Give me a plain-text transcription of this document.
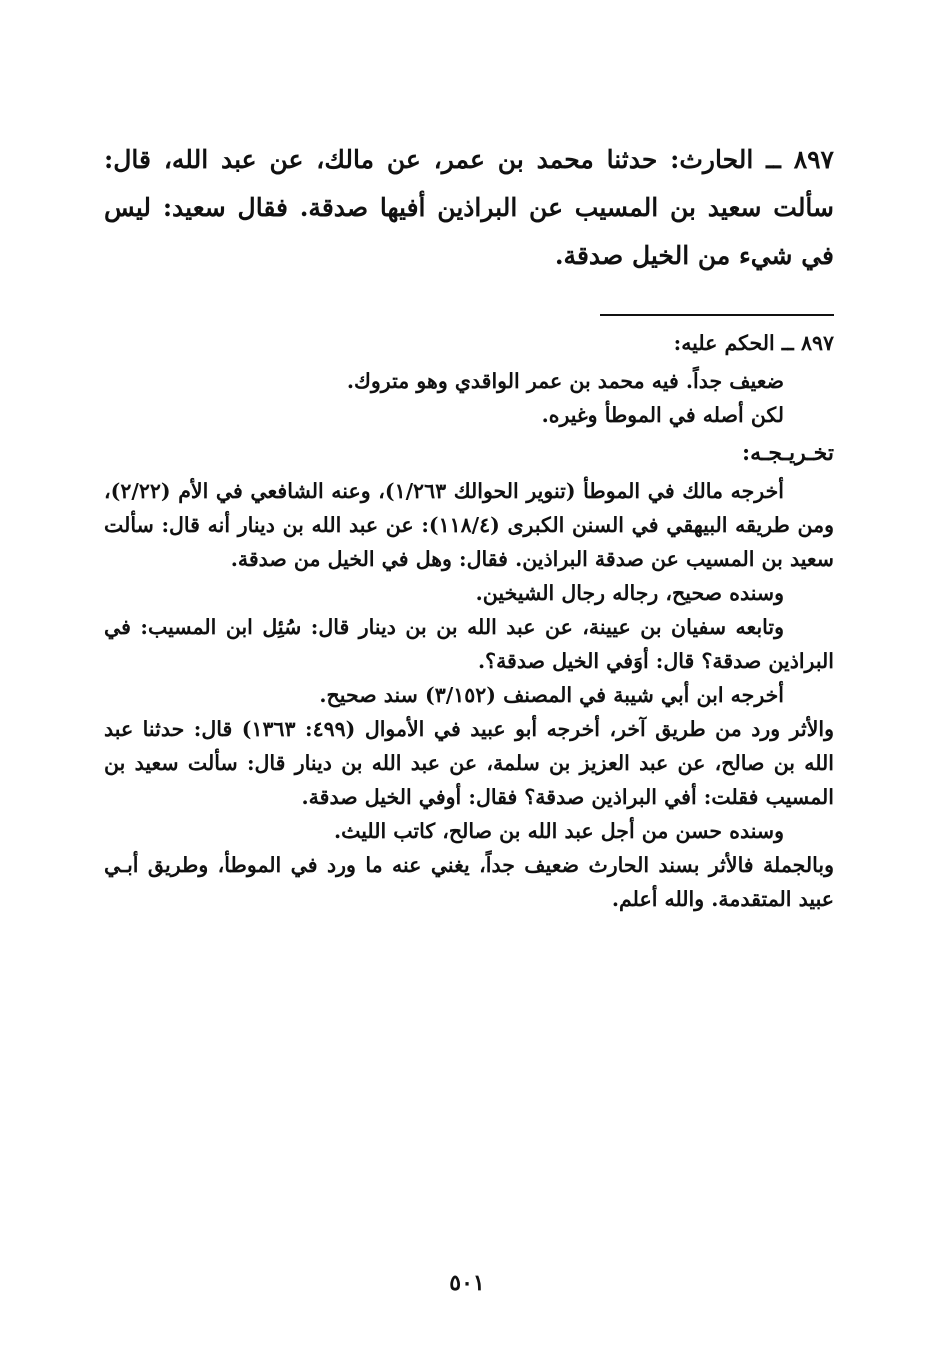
٨٩٧ ــ الحارث: حدثنا محمد بن عمر، عن مالك، عن عبد الله، قال: سألت سعيد بن المسيب عن البراذين أفيها صدقة. فقال سعيد: ليس في شيء من الخيل صدقة.

٨٩٧ ــ الحكم عليه:

ضعيف جداً. فيه محمد بن عمر الواقدي وهو متروك.

لكن أصله في الموطأ وغيره.

تخـريـجـه:

أخرجه مالك في الموطأ (تنوير الحوالك ١/٢٦٣)، وعنه الشافعي في الأم (٢/٢٢)، ومن طريقه البيهقي في السنن الكبرى (١١٨/٤): عن عبد الله بن دينار أنه قال: سألت سعيد بن المسيب عن صدقة البراذين. فقال: وهل في الخيل من صدقة.

وسنده صحيح، رجاله رجال الشيخين.

وتابعه سفيان بن عيينة، عن عبد الله بن بن دينار قال: سُئِل ابن المسيب: في البراذين صدقة؟ قال: أوَفي الخيل صدقة؟.

أخرجه ابن أبي شيبة في المصنف (٣/١٥٢) سند صحيح.

والأثر ورد من طريق آخر، أخرجه أبو عبيد في الأموال (٤٩٩: ١٣٦٣) قال: حدثنا عبد الله بن صالح، عن عبد العزيز بن سلمة، عن عبد الله بن دينار قال: سألت سعيد بن المسيب فقلت: أفي البراذين صدقة؟ فقال: أوفي الخيل صدقة.

وسنده حسن من أجل عبد الله بن صالح، كاتب الليث.

وبالجملة فالأثر بسند الحارث ضعيف جداً، يغني عنه ما ورد في الموطأ، وطريق أبـي عبيد المتقدمة. والله أعلم.

٥٠١
